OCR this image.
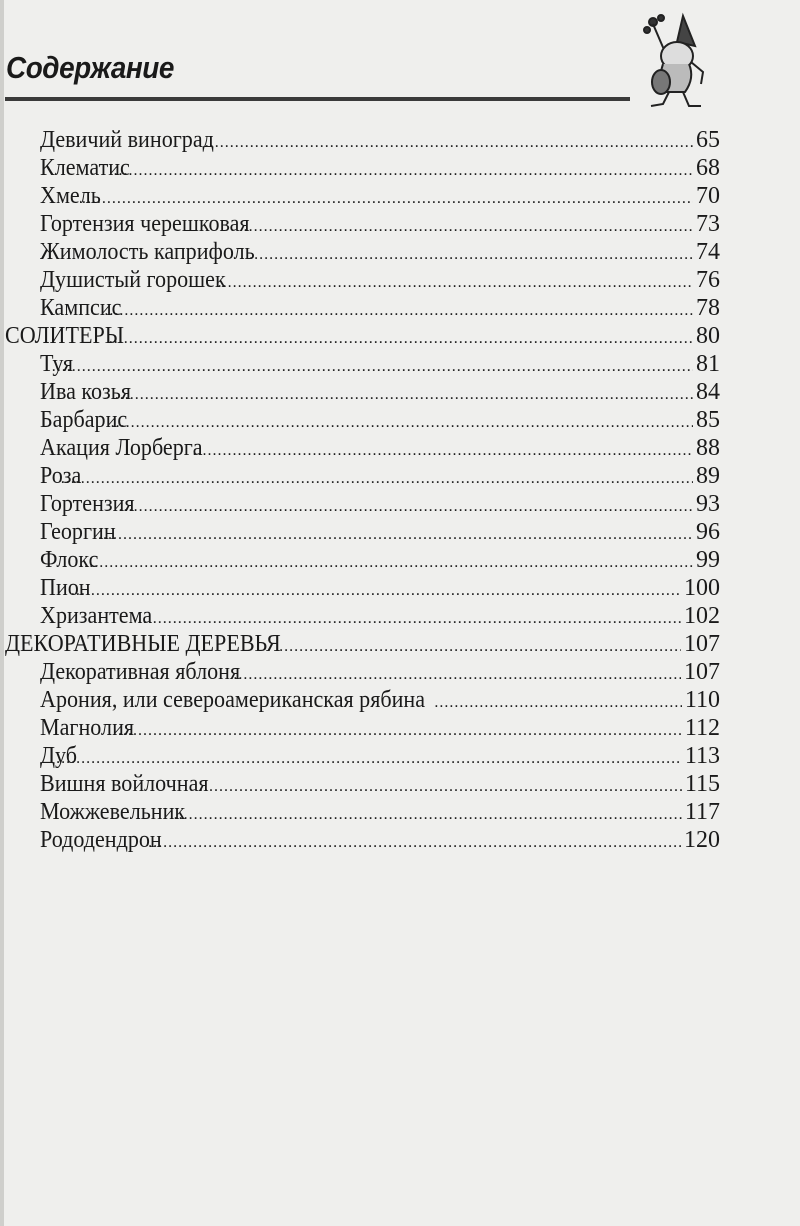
Содержание
Девичий виноград .....	65
Клематис .....	68
Хмель .....	70
Гортензия черешковая .....	73
Жимолость каприфоль .....	74
Душистый горошек .....	76
Кампсис .....	78
СОЛИТЕРЫ .....	80
Туя .....	81
Ива козья .....	84
Барбарис .....	85
Акация Лорберга .....	88
Роза .....	89
Гортензия .....	93
Георгин .....	96
Флокс .....	99
Пион .....	100
Хризантема .....	102
ДЕКОРАТИВНЫЕ ДЕРЕВЬЯ .....	107
Декоративная яблоня .....	107
Арония, или североамериканская рябина .....	110
Магнолия .....	112
Дуб .....	113
Вишня войлочная .....	115
Можжевельник .....	117
Рододендрон .....	120
